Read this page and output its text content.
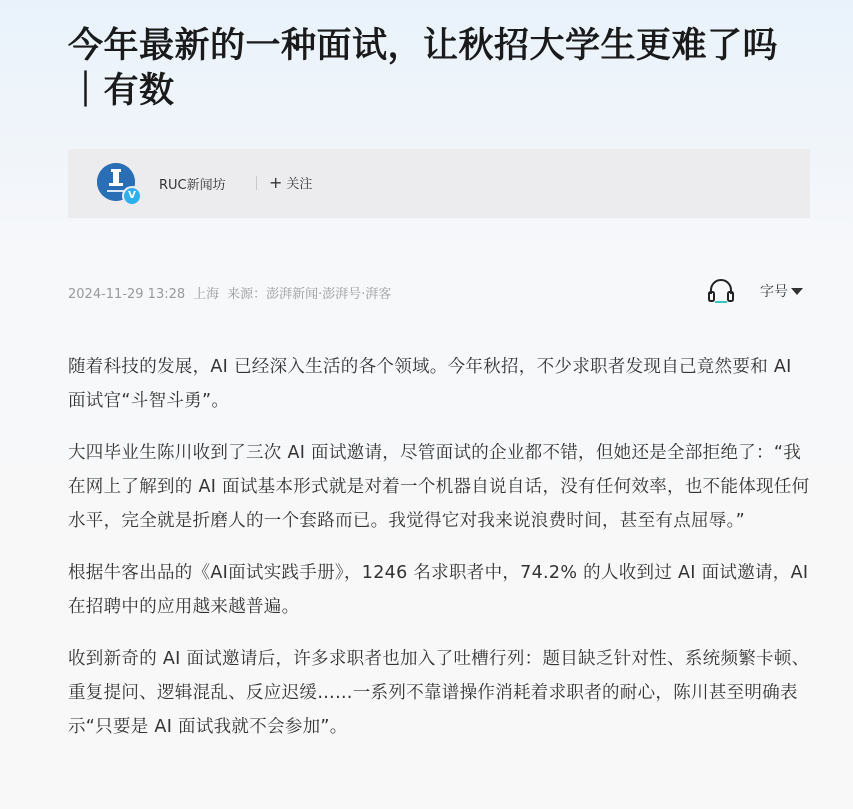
今年最新的一种面试，让秋招大学生更难了吗｜有数
V
RUC新闻坊	+ 关注
2024-11-29 13:28 上海 来源：澎湃新闻·澎湃号·湃客	字号

随着科技的发展，AI 已经深入生活的各个领域。今年秋招，不少求职者发现自己竟然要和 AI 面试官“斗智斗勇”。

大四毕业生陈川收到了三次 AI 面试邀请，尽管面试的企业都不错，但她还是全部拒绝了：“我在网上了解到的 AI 面试基本形式就是对着一个机器自说自话，没有任何效率，也不能体现任何水平，完全就是折磨人的一个套路而已。我觉得它对我来说浪费时间，甚至有点屈辱。”

根据牛客出品的《AI面试实践手册》，1246 名求职者中，74.2% 的人收到过 AI 面试邀请，AI 在招聘中的应用越来越普遍。

收到新奇的 AI 面试邀请后，许多求职者也加入了吐槽行列：题目缺乏针对性、系统频繁卡顿、重复提问、逻辑混乱、反应迟缓……一系列不靠谱操作消耗着求职者的耐心，陈川甚至明确表示“只要是 AI 面试我就不会参加”。
